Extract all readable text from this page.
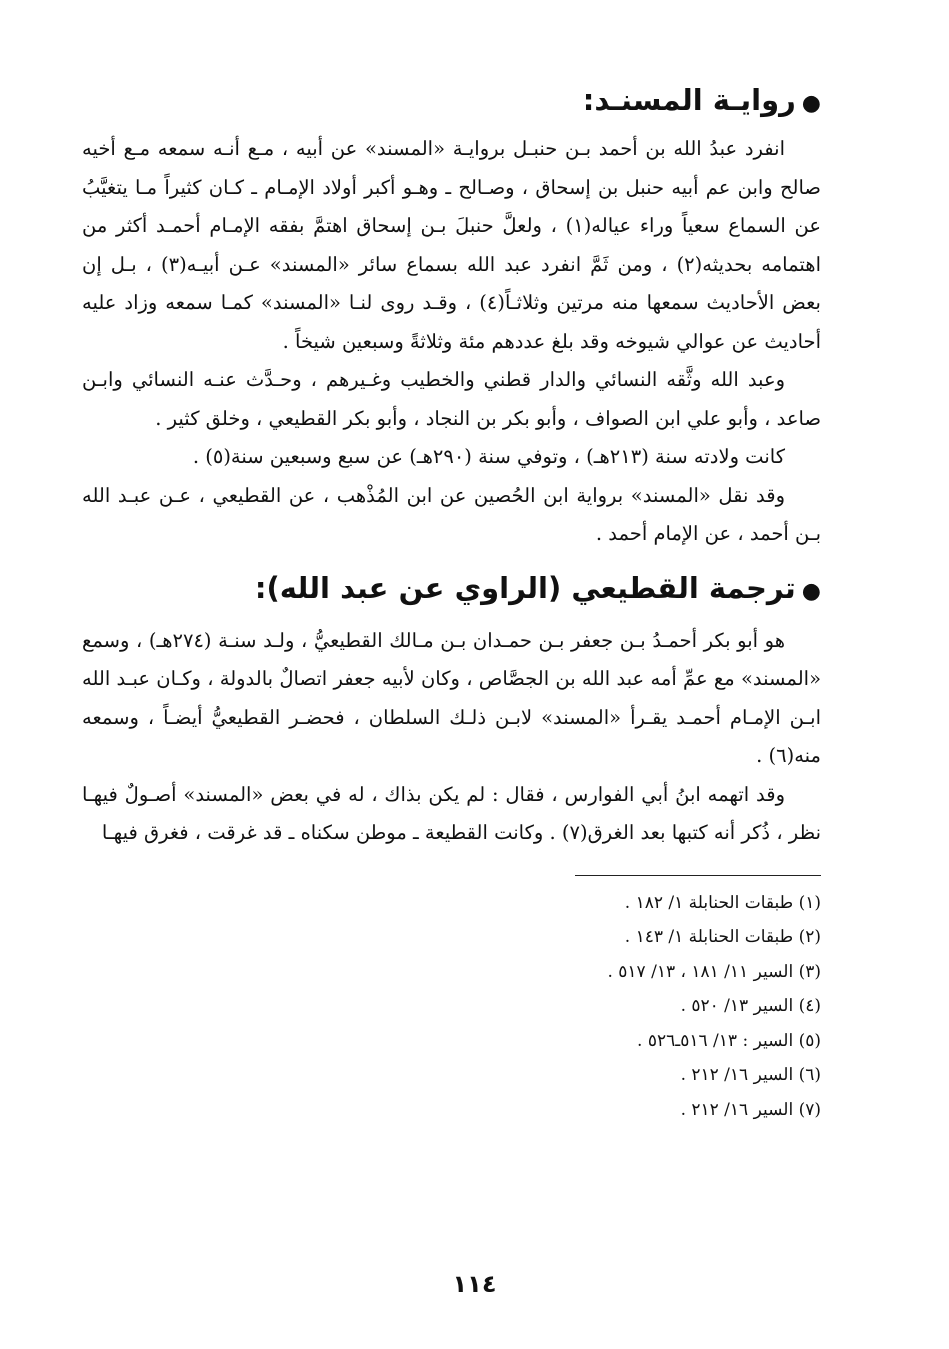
●روايـة المسنـد:

انفرد عبدُ الله بن أحمد بـن حنبـل بروايـة «المسند» عن أبيه ، مـع أنـه سمعه مـع أخيه صالح وابن عم أبيه حنبل بن إسحاق ، وصـالح ـ وهـو أكبر أولاد الإمـام ـ كـان كثيراً مـا يتغيَّبُ عن السماع سعياً وراء عياله(١) ، ولعلَّ حنبلَ بـن إسحاق اهتمَّ بفقه الإمـام أحمـد أكثر من اهتمامه بحديثه(٢) ، ومن ثَمَّ انفرد عبد الله بسماع سائر «المسند» عـن أبيـه(٣) ، بـل إن بعض الأحاديث سمعها منه مرتين وثلاثـاً(٤) ، وقـد روى لنـا «المسند» كمـا سمعه وزاد عليه أحاديث عن عوالي شيوخه وقد بلغ عددهم مئة وثلاثةً وسبعين شيخاً .

وعبد الله وثَّقه النسائي والدار قطني والخطيب وغـيرهم ، وحـدَّث عنـه النسائي وابـن صاعد ، وأبو علي ابن الصواف ، وأبو بكر بن النجاد ، وأبو بكر القطيعي ، وخلق كثير .

كانت ولادته سنة (٢١٣هـ) ، وتوفي سنة (٢٩٠هـ) عن سبع وسبعين سنة(٥) .

وقد نقل «المسند» برواية ابن الحُصين عن ابن المُذْهب ، عن القطيعي ، عـن عبـد الله بـن أحمد ، عن الإمام أحمد .

●ترجمة القطيعي (الراوي عن عبد الله):

هو أبو بكر أحمـدُ بـن جعفر بـن حمـدان بـن مـالك القطيعيُّ ، ولـد سنـة (٢٧٤هـ) ، وسمع «المسند» مع عمِّ أمه عبد الله بن الجصَّاص ، وكان لأبيه جعفر اتصالٌ بالدولة ، وكـان عبـد الله ابـن الإمـام أحمـد يقـرأ «المسند» لابـن ذلـك السلطان ، فحضـر القطيعيُّ أيضـاً ، وسمعه منه(٦) .

وقد اتهمه ابنُ أبي الفوارس ، فقال : لم يكن بذاك ، له في بعض «المسند» أصـولٌ فيهـا نظر ، ذُكر أنه كتبها بعد الغرق(٧) . وكانت القطيعة ـ موطن سكناه ـ قد غرقت ، فغرق فيهـا

(١) طبقات الحنابلة ١/ ١٨٢ .
(٢) طبقات الحنابلة ١/ ١٤٣ .
(٣) السير ١١/ ١٨١ ، ١٣/ ٥١٧ .
(٤) السير ١٣/ ٥٢٠ .
(٥) السير : ١٣/ ٥١٦ـ٥٢٦ .
(٦) السير ١٦/ ٢١٢ .
(٧) السير ١٦/ ٢١٢ .
١١٤
